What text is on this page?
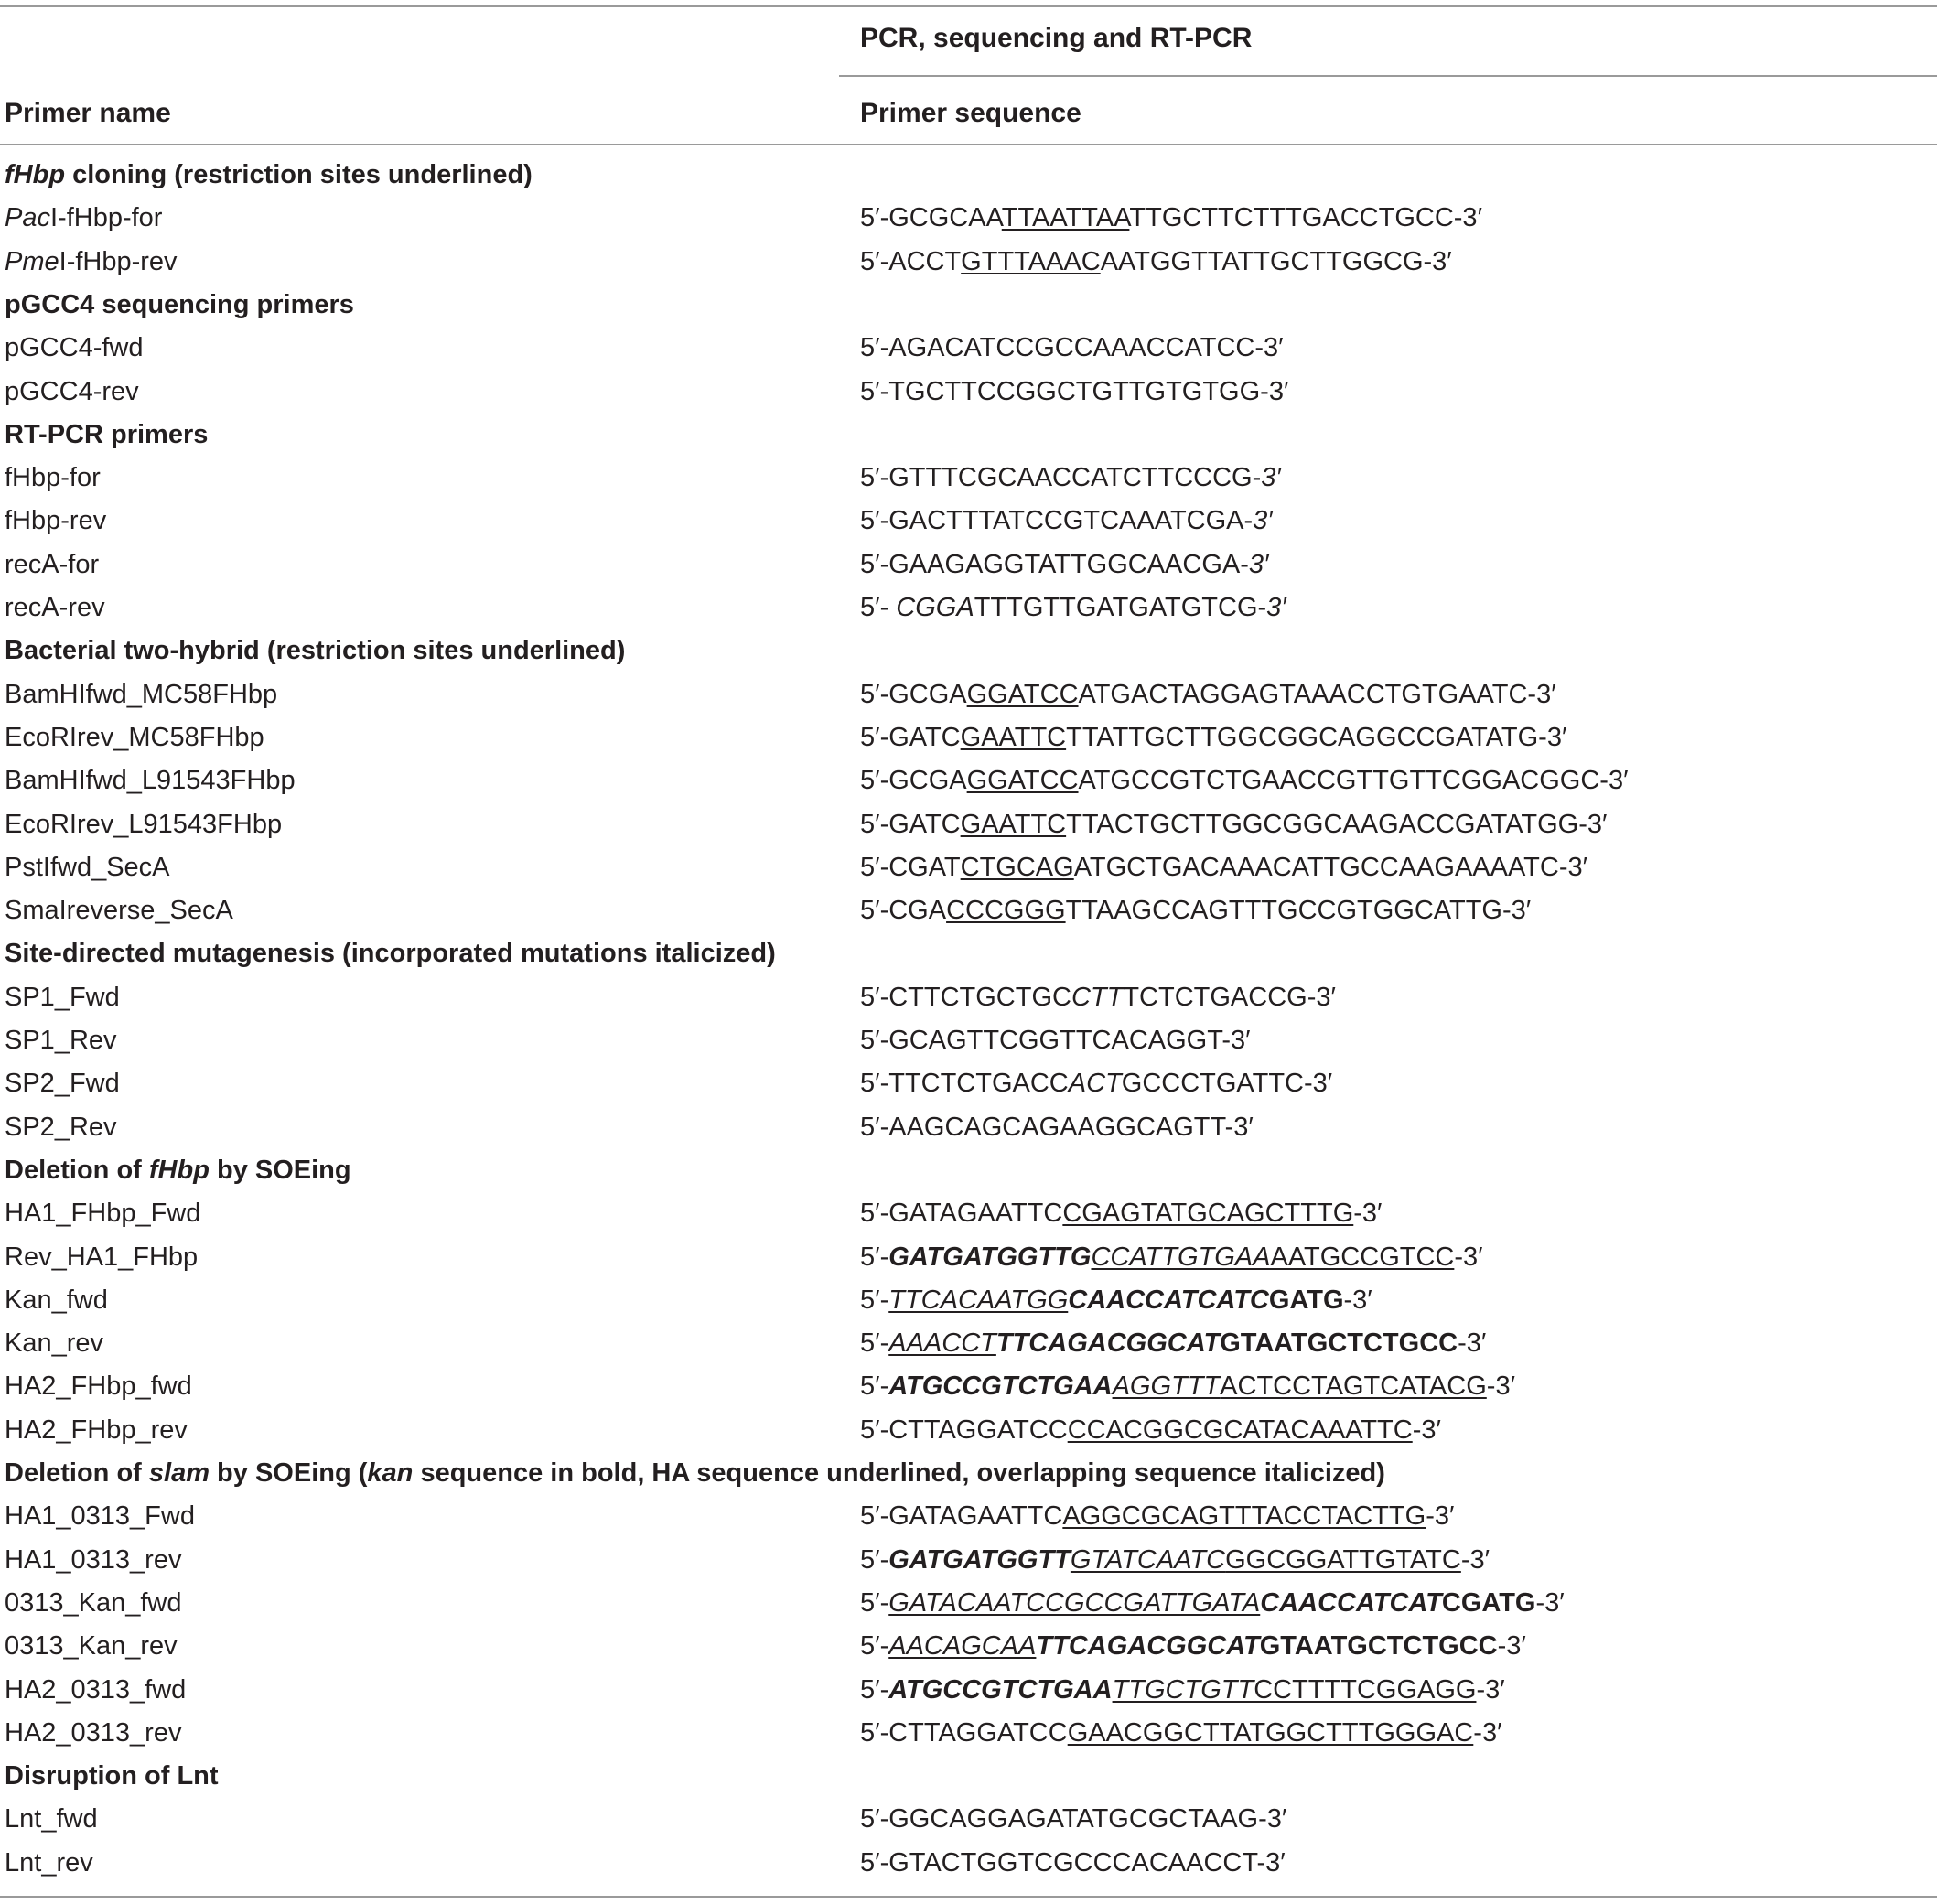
PCR, sequencing and RT-PCR
Primer name	Primer sequence
fHbp cloning (restriction sites underlined)
PacI-fHbp-for	5′-GCGCAATTAATTAATTGCTTCTTTGACCTGCC-3′
PmeI-fHbp-rev	5′-ACCTGTTTAAACAATGGTTATTGCTTGGCG-3′
pGCC4 sequencing primers
pGCC4-fwd	5′-AGACATCCGCCAAACCATCC-3′
pGCC4-rev	5′-TGCTTCCGGCTGTTGTGTGG-3′
RT-PCR primers
fHbp-for	5′-GTTTCGCAACCATCTTCCCG-3′
fHbp-rev	5′-GACTTTATCCGTCAAATCGA-3′
recA-for	5′-GAAGAGGTATTGGCAACGA-3′
recA-rev	5′- CGGATTTGTTGATGATGTCG-3′
Bacterial two-hybrid (restriction sites underlined)
BamHIfwd_MC58FHbp	5′-GCGAGGATCCATGACTAGGAGTAAACCTGTGAATC-3′
EcoRIrev_MC58FHbp	5′-GATCGAATTCTTATTGCTTGGCGGCAGGCCGATATG-3′
BamHIfwd_L91543FHbp	5′-GCGAGGATCCATGCCGTCTGAACCGTTGTTCGGACGGC-3′
EcoRIrev_L91543FHbp	5′-GATCGAATTCTTACTGCTTGGCGGCAAGACCGATATGG-3′
PstIfwd_SecA	5′-CGATCTGCAGATGCTGACAAACATTGCCAAGAAAATC-3′
SmaIreverse_SecA	5′-CGACCCGGGTTAAGCCAGTTTGCCGTGGCATTG-3′
Site-directed mutagenesis (incorporated mutations italicized)
SP1_Fwd	5′-CTTCTGCTGCCTTTCTCTGACCG-3′
SP1_Rev	5′-GCAGTTCGGTTCACAGGT-3′
SP2_Fwd	5′-TTCTCTGACCACTGCCCTGATTC-3′
SP2_Rev	5′-AAGCAGCAGAAGGCAGTT-3′
Deletion of fHbp by SOEing
HA1_FHbp_Fwd	5′-GATAGAATTCCGAGTATGCAGCTTTG-3′
Rev_HA1_FHbp	5′-GATGATGGTTGCCATTGTGAAAATGCCGTCC-3′
Kan_fwd	5′-TTCACAATGGCAACCATCATCGATG-3′
Kan_rev	5′-AAACCTTTCAGACGGCATGTAATGCTCTGCC-3′
HA2_FHbp_fwd	5′-ATGCCGTCTGAAAGGTTTACTCCTAGTCATACG-3′
HA2_FHbp_rev	5′-CTTAGGATCCCCACGGCGCATACAAATTC-3′
Deletion of slam by SOEing (kan sequence in bold, HA sequence underlined, overlapping sequence italicized)
HA1_0313_Fwd	5′-GATAGAATTCAGGCGCAGTTTACCTACTTG-3′
HA1_0313_rev	5′-GATGATGGTTGTATCAATCGGCGGATTGTATC-3′
0313_Kan_fwd	5′-GATACAATCCGCCGATTGATACAACCATCATCGATG-3′
0313_Kan_rev	5′-AACAGCAATTCAGACGGCATGTAATGCTCTGCC-3′
HA2_0313_fwd	5′-ATGCCGTCTGAATTGCTGTTCCTTTTCGGAGG-3′
HA2_0313_rev	5′-CTTAGGATCCGAACGGCTTATGGCTTTGGGAC-3′
Disruption of Lnt
Lnt_fwd	5′-GGCAGGAGATATGCGCTAAG-3′
Lnt_rev	5′-GTACTGGTCGCCCACAACCT-3′
